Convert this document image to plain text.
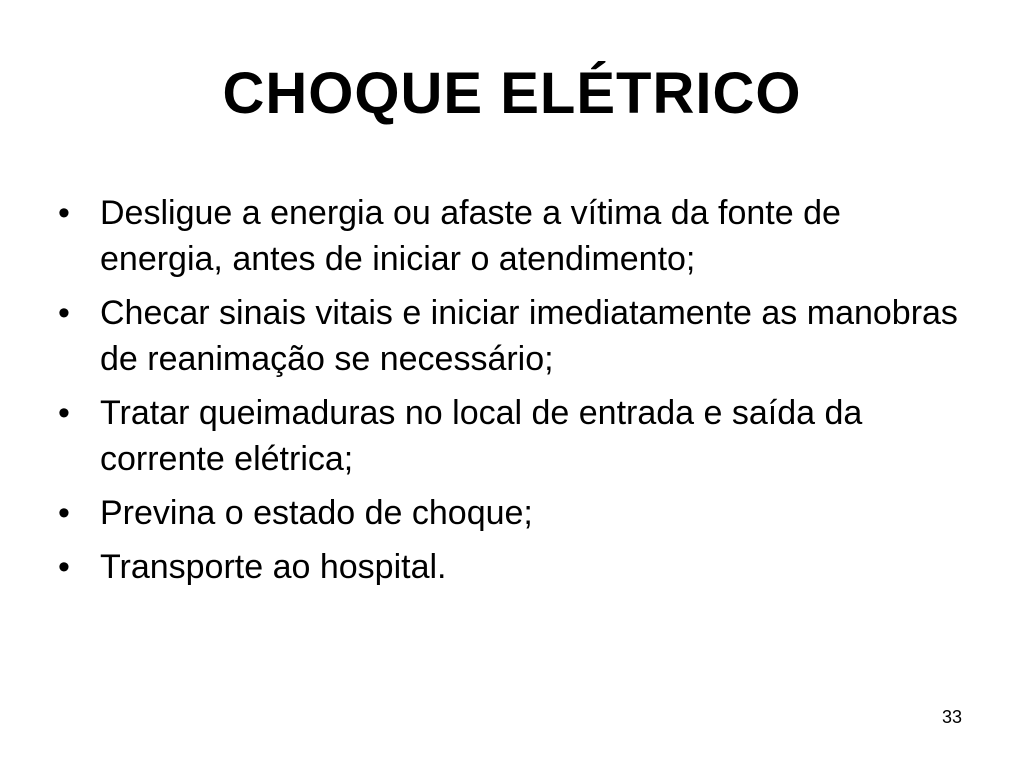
CHOQUE ELÉTRICO
• Desligue a energia ou afaste a vítima da fonte de energia, antes de iniciar o atendimento;
• Checar sinais vitais e iniciar imediatamente as manobras de reanimação se necessário;
• Tratar queimaduras no local de entrada e saída da corrente elétrica;
• Previna o estado de choque;
• Transporte ao hospital.
33
